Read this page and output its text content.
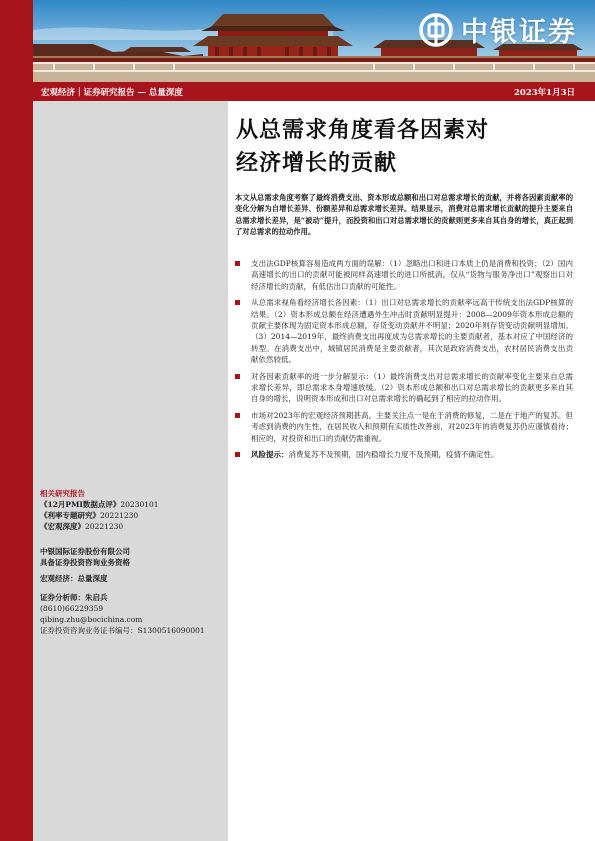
中银证券
宏观经济｜证券研究报告 — 总量深度	2023年1月3日
相关研究报告
《12月PMI数据点评》20230101
《利率专题研究》20221230
《宏观深度》20221230
中银国际证券股份有限公司
具备证券投资咨询业务资格
宏观经济：总量深度
证券分析师：朱启兵
(8610)66229359
qibing.zhu@bocichina.com
证券投资咨询业务证书编号：S1300516090001
从总需求角度看各因素对
经济增长的贡献
本文从总需求角度考察了最终消费支出、资本形成总额和出口对总需求增长的贡献，并将各因素贡献率的变化分解为自增长差异、份额差异和总需求增长差异。结果显示，消费对总需求增长贡献的提升主要来自总需求增长差异，是“被动”提升，而投资和出口对总需求增长的贡献则更多来自其自身的增长，真正起到了对总需求的拉动作用。
支出法GDP核算容易造成两方面的误解：（1）忽略出口和进口本质上仍是消费和投资；（2）国内高速增长的出口的贡献可能被同样高速增长的进口所抵消，仅从“货物与服务净出口”观察出口对经济增长的贡献，有低估出口贡献的可能性。
从总需求视角看经济增长各因素：（1）出口对总需求增长的贡献率远高于传统支出法GDP核算的结果。（2）资本形成总额在经济遭遇外生冲击时贡献明显提升：2008—2009年资本形成总额的贡献主要体现为固定资本形成总额，存货变动贡献并不明显；2020年则存货变动贡献明显增加。（3）2014—2019年，最终消费支出再度成为总需求增长的主要贡献者，基本对应了中国经济的转型。在消费支出中，城镇居民消费是主要贡献者，其次是政府消费支出，农村居民消费支出贡献依然较低。
对各因素贡献率的进一步分解显示：（1）最终消费支出对总需求增长的贡献率变化主要来自总需求增长差异，即总需求本身增速放缓。（2）资本形成总额和出口对总需求增长的贡献更多来自其自身的增长，说明资本形成和出口对总需求增长的确起到了相应的拉动作用。
市场对2023年的宏观经济预期甚高。主要关注点一是在于消费的修复，二是在于地产的复苏。但考虑到消费的内生性，在居民收入和预期有实质性改善前，对2023年的消费复苏仍应谨慎看待；相应的，对投资和出口的贡献仍需重视。
风险提示：消费复苏不及预期，国内稳增长力度不及预期，疫情不确定性。
